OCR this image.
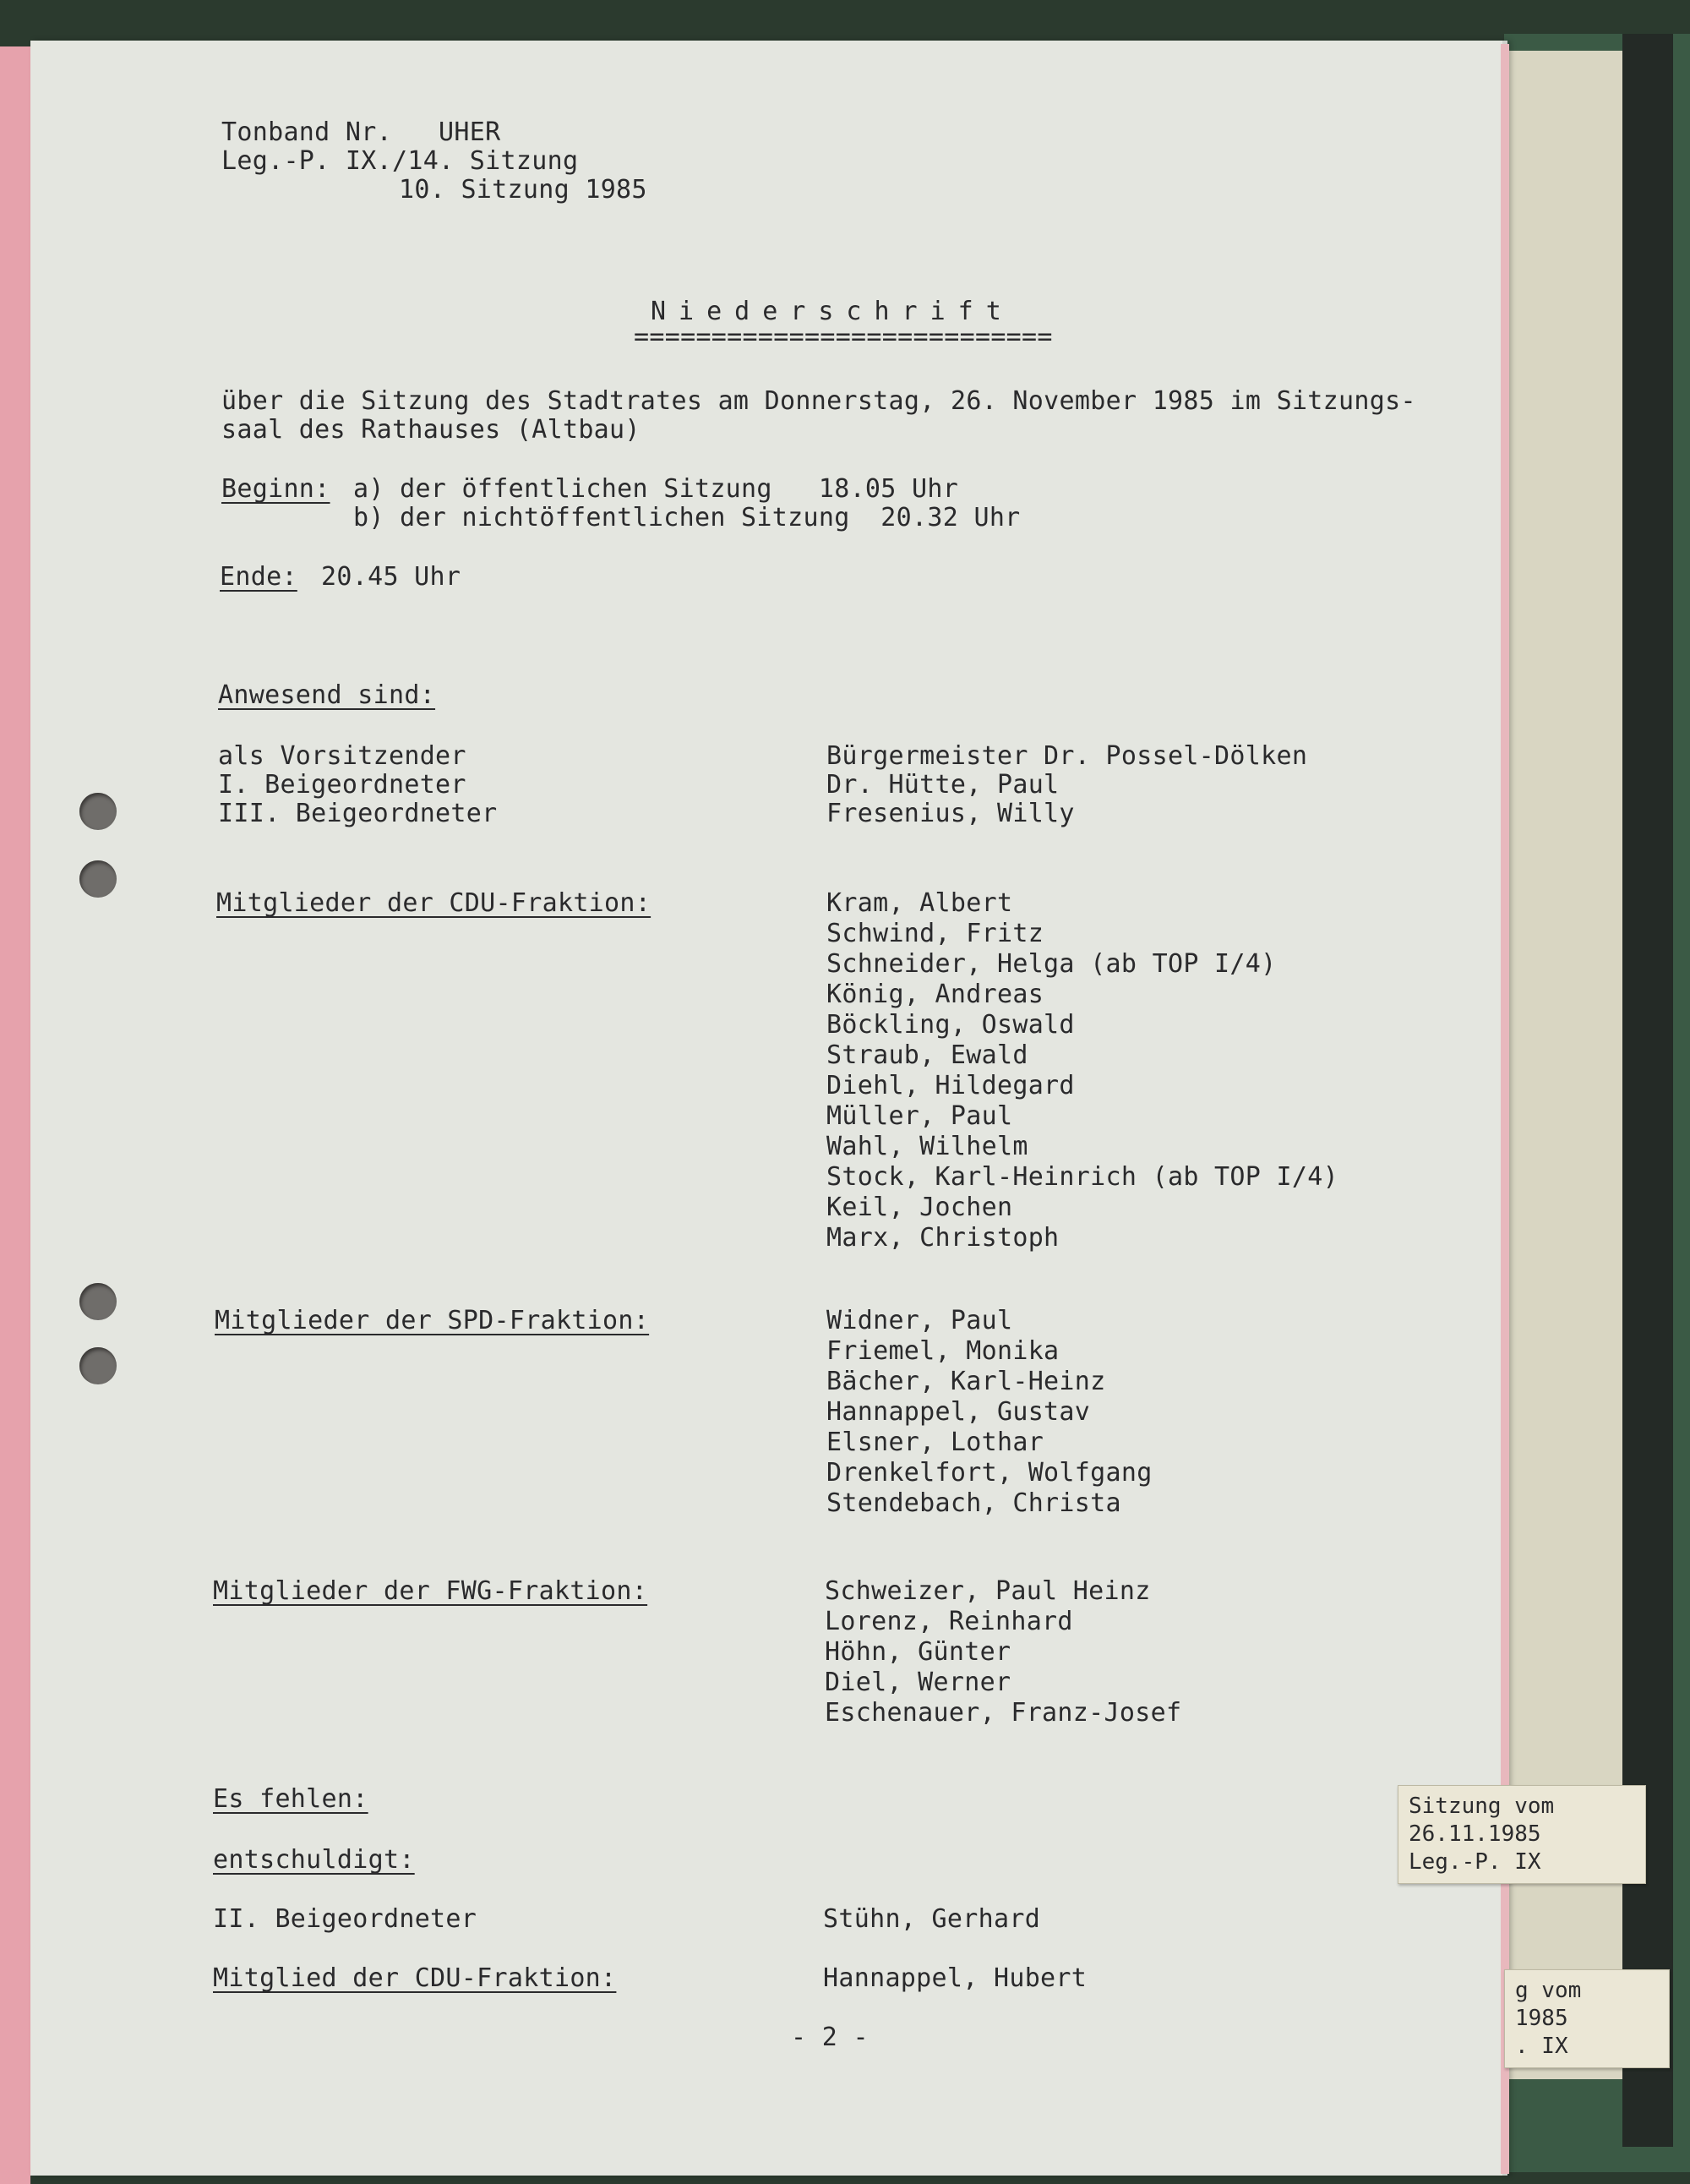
Tonband Nr.   UHER
Leg.-P. IX./14. Sitzung
10. Sitzung 1985
Niederschrift
===========================
über die Sitzung des Stadtrates am Donnerstag, 26. November 1985 im Sitzungs-
saal des Rathauses (Altbau)
Beginn: a) der öffentlichen Sitzung   18.05 Uhr
b) der nichtöffentlichen Sitzung  20.32 Uhr
Ende: 20.45 Uhr
Anwesend sind:
als Vorsitzender	Bürgermeister Dr. Possel-Dölken
I. Beigeordneter	Dr. Hütte, Paul
III. Beigeordneter	Fresenius, Willy
Mitglieder der CDU-Fraktion:	Kram, Albert
Schwind, Fritz
Schneider, Helga (ab TOP I/4)
König, Andreas
Böckling, Oswald
Straub, Ewald
Diehl, Hildegard
Müller, Paul
Wahl, Wilhelm
Stock, Karl-Heinrich (ab TOP I/4)
Keil, Jochen
Marx, Christoph
Mitglieder der SPD-Fraktion:	Widner, Paul
Friemel, Monika
Bächer, Karl-Heinz
Hannappel, Gustav
Elsner, Lothar
Drenkelfort, Wolfgang
Stendebach, Christa
Mitglieder der FWG-Fraktion:	Schweizer, Paul Heinz
Lorenz, Reinhard
Höhn, Günter
Diel, Werner
Eschenauer, Franz-Josef
Es fehlen:
entschuldigt:
II. Beigeordneter	Stühn, Gerhard
Mitglied der CDU-Fraktion:	Hannappel, Hubert
- 2 -
Sitzung vom
26.11.1985
Leg.-P. IX
g vom
1985
. IX
